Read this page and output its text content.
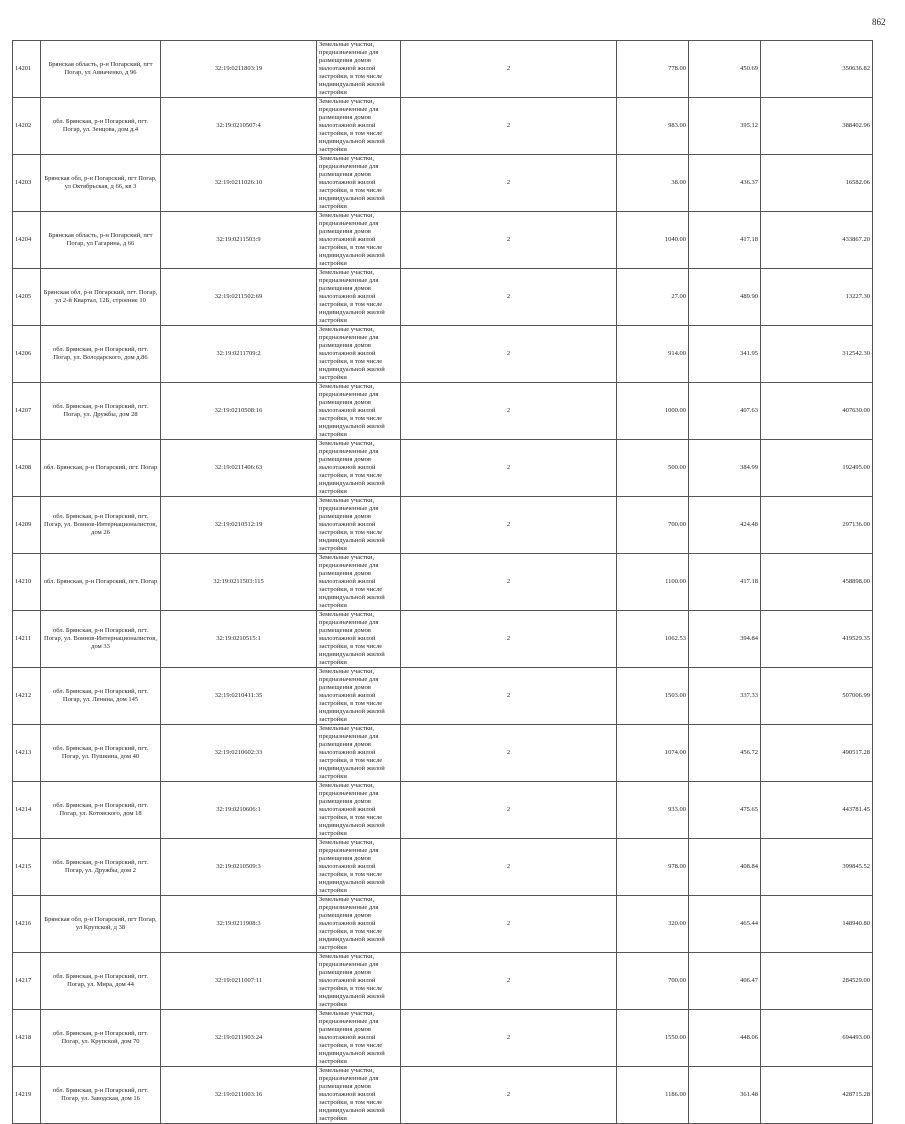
862
14201	Брянская область, р-н Погарский, пгт Погар, ул Авиаченко, д 96	32:19:0211803:19	Земельные участки, предназначенные для размещения домов малоэтажной жилой застройки, в том числе индивидуальной жилой застройки	2	778.00	450.69	350636.82
14202	обл. Брянская, р-н Погарский, пгт. Погар, ул. Зенцова, дом д.4	32:19:0210507:4	Земельные участки, предназначенные для размещения домов малоэтажной жилой застройки, в том числе индивидуальной жилой застройки	2	983.00	395.12	388402.96
14203	Брянская обл, р-н Погарский, пгт Погар, ул Октябрьская, д 66, кв 3	32:19:0211026:10	Земельные участки, предназначенные для размещения домов малоэтажной жилой застройки, в том числе индивидуальной жилой застройки	2	38.00	436.37	16582.06
14204	Брянская область, р-н Погарский, пгт Погар, ул Гагарина, д 66	32:19:0211503:9	Земельные участки, предназначенные для размещения домов малоэтажной жилой застройки, в том числе индивидуальной жилой застройки	2	1040.00	417.18	433867.20
14205	Брянская обл, р-н Погарский, пгт. Погар, ул 2-й Квартал, 12Б, строение 10	32:19:0211502:69	Земельные участки, предназначенные для размещения домов малоэтажной жилой застройки, в том числе индивидуальной жилой застройки	2	27.00	489.90	13227.30
14206	обл. Брянская, р-н Погарский, пгт. Погар, ул. Володарского, дом д.86	32:19:0211709:2	Земельные участки, предназначенные для размещения домов малоэтажной жилой застройки, в том числе индивидуальной жилой застройки	2	914.00	341.95	312542.30
14207	обл. Брянская, р-н Погарский, пгт. Погар, ул. Дружбы, дом 28	32:19:0210508:16	Земельные участки, предназначенные для размещения домов малоэтажной жилой застройки, в том числе индивидуальной жилой застройки	2	1000.00	407.63	407630.00
14208	обл. Брянская, р-н Погарский, пгт. Погар	32:19:0211406:63	Земельные участки, предназначенные для размещения домов малоэтажной жилой застройки, в том числе индивидуальной жилой застройки	2	500.00	384.99	192495.00
14209	обл. Брянская, р-н Погарский, пгт. Погар, ул. Воинов-Интернационалистов, дом 26	32:19:0210512:19	Земельные участки, предназначенные для размещения домов малоэтажной жилой застройки, в том числе индивидуальной жилой застройки	2	700.00	424.48	297136.00
14210	обл. Брянская, р-н Погарский, пгт. Погар	32:19:0211503:115	Земельные участки, предназначенные для размещения домов малоэтажной жилой застройки, в том числе индивидуальной жилой застройки	2	1100.00	417.18	458898.00
14211	обл. Брянская, р-н Погарский, пгт. Погар, ул. Воинов-Интернационалистов, дом 33	32:19:0210515:1	Земельные участки, предназначенные для размещения домов малоэтажной жилой застройки, в том числе индивидуальной жилой застройки	2	1062.53	394.84	419529.35
14212	обл. Брянская, р-н Погарский, пгт. Погар, ул. Ленина, дом 145	32:19:0210411:35	Земельные участки, предназначенные для размещения домов малоэтажной жилой застройки, в том числе индивидуальной жилой застройки	2	1503.00	337.33	507006.99
14213	обл. Брянская, р-н Погарский, пгт. Погар, ул. Пушкина, дом 40	32:19:0210602:33	Земельные участки, предназначенные для размещения домов малоэтажной жилой застройки, в том числе индивидуальной жилой застройки	2	1074.00	456.72	490517.28
14214	обл. Брянская, р-н Погарский, пгт. Погар, ул. Котовского, дом 18	32:19:0210606:1	Земельные участки, предназначенные для размещения домов малоэтажной жилой застройки, в том числе индивидуальной жилой застройки	2	933.00	475.65	443781.45
14215	обл. Брянская, р-н Погарский, пгт. Погар, ул. Дружбы, дом 2	32:19:0210509:3	Земельные участки, предназначенные для размещения домов малоэтажной жилой застройки, в том числе индивидуальной жилой застройки	2	978.00	408.84	399845.52
14216	Брянская обл, р-н Погарский, пгт Погар, ул Крупской, д 38	32:19:0211908:3	Земельные участки, предназначенные для размещения домов малоэтажной жилой застройки, в том числе индивидуальной жилой застройки	2	320.00	465.44	148940.80
14217	обл. Брянская, р-н Погарский, пгт. Погар, ул. Мира, дом 44	32:19:0211007:11	Земельные участки, предназначенные для размещения домов малоэтажной жилой застройки, в том числе индивидуальной жилой застройки	2	700.00	406.47	284529.00
14218	обл. Брянская, р-н Погарский, пгт. Погар, ул. Крупской, дом 70	32:19:0211903:24	Земельные участки, предназначенные для размещения домов малоэтажной жилой застройки, в том числе индивидуальной жилой застройки	2	1550.00	448.06	694493.00
14219	обл. Брянская, р-н Погарский, пгт. Погар, ул. Заводская, дом 16	32:19:0211003:16	Земельные участки, предназначенные для размещения домов малоэтажной жилой застройки, в том числе индивидуальной жилой застройки	2	1186.00	361.48	428715.28
